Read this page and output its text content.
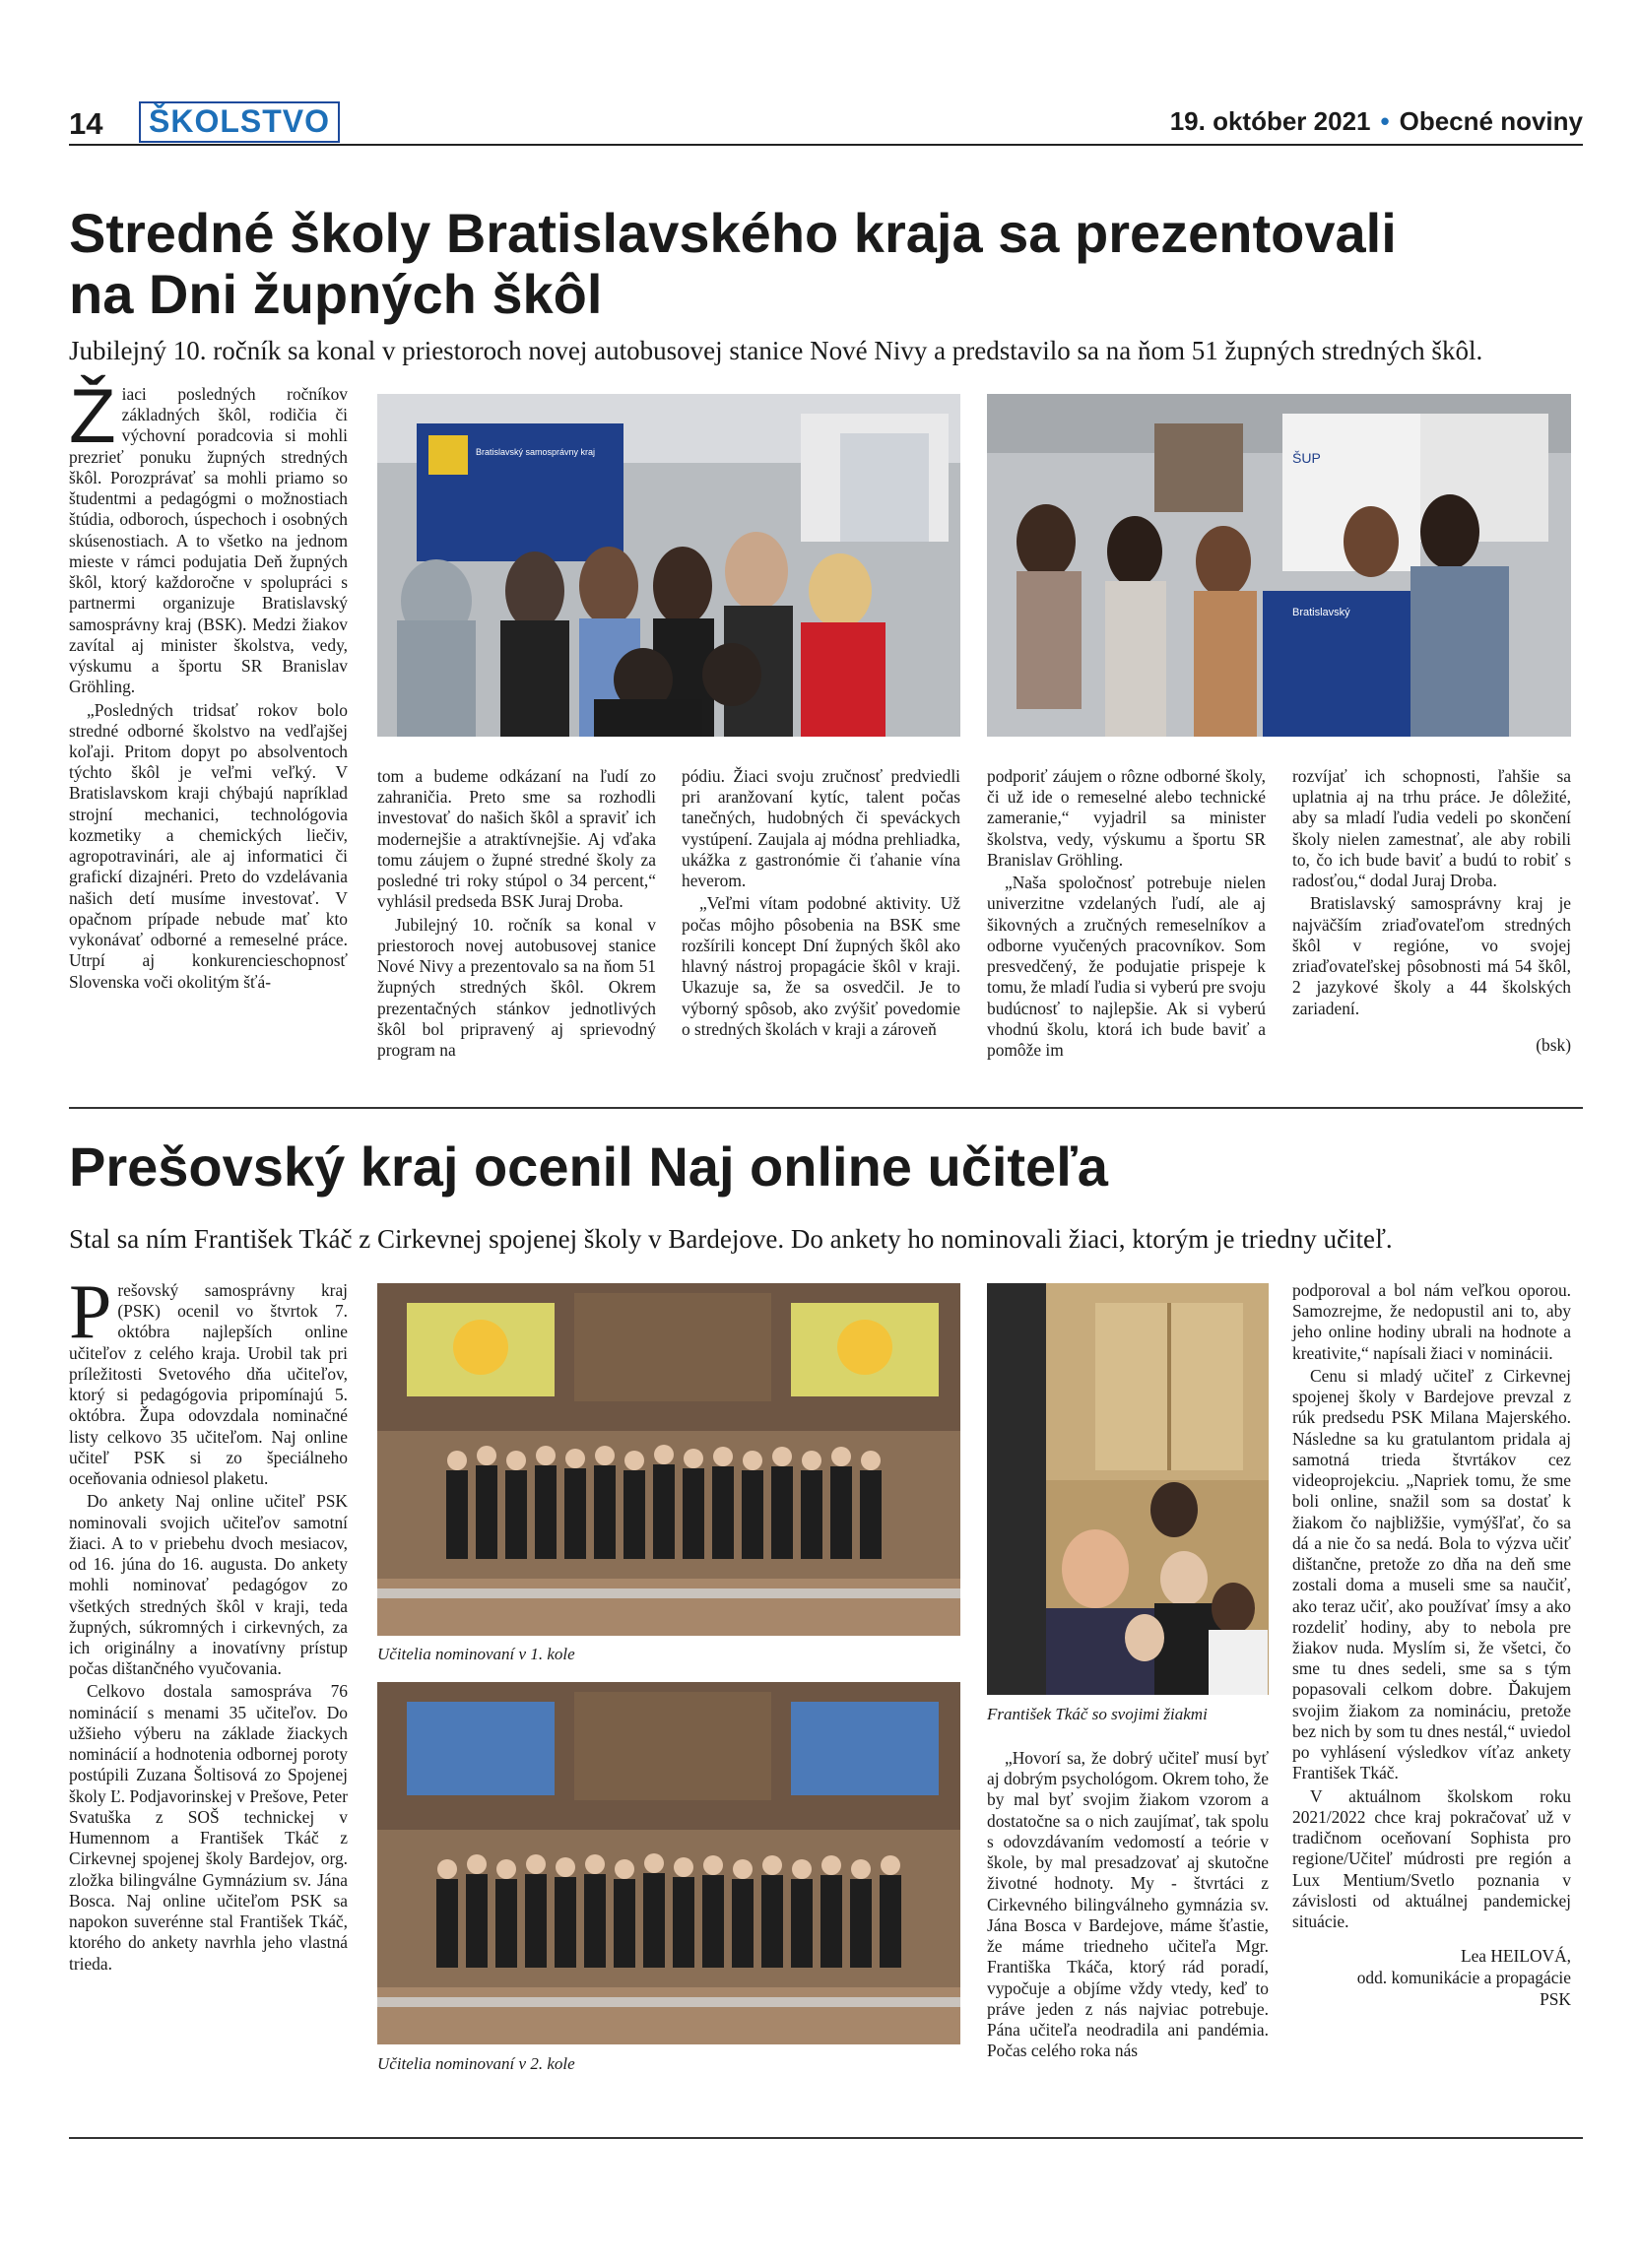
14	ŠKOLSTVO	19. október 2021 • Obecné noviny
Stredné školy Bratislavského kraja sa prezentovali
na Dni župných škôl
Jubilejný 10. ročník sa konal v priestoroch novej autobusovej stanice Nové Nivy a predstavilo sa na ňom 51 župných stredných škôl.
Bratislavský samosprávny kraj	ŠUP
Bratislavský

Žiaci posledných ročníkov základných škôl, rodičia či výchovní poradcovia si mohli prezrieť ponuku župných stredných škôl. Porozprávať sa mohli priamo so študentmi a pedagógmi o možnostiach štúdia, odboroch, úspechoch i osobných skúsenostiach. A to všetko na jednom mieste v rámci podujatia Deň župných škôl, ktorý každoročne v spolupráci s partnermi organizuje Bratislavský samosprávny kraj (BSK). Medzi žiakov zavítal aj minister školstva, vedy, výskumu a športu SR Branislav Gröhling.

„Posledných tridsať rokov bolo stredné odborné školstvo na vedľajšej koľaji. Pritom dopyt po absolventoch týchto škôl je veľmi veľký. V Bratislavskom kraji chýbajú napríklad strojní mechanici, technológovia kozmetiky a chemických liečiv, agropotravinári, ale aj informatici či grafickí dizajnéri. Preto do vzdelávania našich detí musíme investovať. V opačnom prípade nebude mať kto vykonávať odborné a remeselné práce. Utrpí aj konkurencieschopnosť Slovenska voči okolitým šťá-

tom a budeme odkázaní na ľudí zo zahraničia. Preto sme sa rozhodli investovať do našich škôl a spraviť ich modernejšie a atraktívnejšie. Aj vďaka tomu záujem o župné stredné školy za posledné tri roky stúpol o 34 percent,“ vyhlásil predseda BSK Juraj Droba.

Jubilejný 10. ročník sa konal v priestoroch novej autobusovej stanice Nové Nivy a prezentovalo sa na ňom 51 župných stredných škôl. Okrem prezentačných stánkov jednotlivých škôl bol pripravený aj sprievodný program na

pódiu. Žiaci svoju zručnosť predviedli pri aranžovaní kytíc, talent počas tanečných, hudobných či speváckych vystúpení. Zaujala aj módna prehliadka, ukážka z gastronómie či ťahanie vína heverom.

„Veľmi vítam podobné aktivity. Už počas môjho pôsobenia na BSK sme rozšírili koncept Dní župných škôl ako hlavný nástroj propagácie škôl v kraji. Ukazuje sa, že sa osvedčil. Je to výborný spôsob, ako zvýšiť povedomie o stredných školách v kraji a zároveň

podporiť záujem o rôzne odborné školy, či už ide o remeselné alebo technické zameranie,“ vyjadril sa minister školstva, vedy, výskumu a športu SR Branislav Gröhling.

„Naša spoločnosť potrebuje nielen univerzitne vzdelaných ľudí, ale aj šikovných a zručných remeselníkov a odborne vyučených pracovníkov. Som presvedčený, že podujatie prispeje k tomu, že mladí ľudia si vyberú pre svoju budúcnosť to najlepšie. Ak si vyberú vhodnú školu, ktorá ich bude baviť a pomôže im

rozvíjať ich schopnosti, ľahšie sa uplatnia aj na trhu práce. Je dôležité, aby sa mladí ľudia vedeli po skončení školy nielen zamestnať, ale aby robili to, čo ich bude baviť a budú to robiť s radosťou,“ dodal Juraj Droba.

Bratislavský samosprávny kraj je najväčším zriaďovateľom stredných škôl v regióne, vo svojej zriaďovateľskej pôsobnosti má 54 škôl, 2 jazykové školy a 44 školských zariadení.

(bsk)
Prešovský kraj ocenil Naj online učiteľa
Stal sa ním František Tkáč z Cirkevnej spojenej školy v Bardejove. Do ankety ho nominovali žiaci, ktorým je triedny učiteľ.

Prešovský samosprávny kraj (PSK) ocenil vo štvrtok 7. októbra najlepších online učiteľov z celého kraja. Urobil tak pri príležitosti Svetového dňa učiteľov, ktorý si pedagógovia pripomínajú 5. októbra. Župa odovzdala nominačné listy celkovo 35 učiteľom. Naj online učiteľ PSK si zo špeciálneho oceňovania odniesol plaketu.

Do ankety Naj online učiteľ PSK nominovali svojich učiteľov samotní žiaci. A to v priebehu dvoch mesiacov, od 16. júna do 16. augusta. Do ankety mohli nominovať pedagógov zo všetkých stredných škôl v kraji, teda župných, súkromných i cirkevných, za ich originálny a inovatívny prístup počas dištančného vyučovania.

Celkovo dostala samospráva 76 nominácií s menami 35 učiteľov. Do užšieho výberu na základe žiackych nominácií a hodnotenia odbornej poroty postúpili Zuzana Šoltisová zo Spojenej školy Ľ. Podjavorinskej v Prešove, Peter Svatuška z SOŠ technickej v Humennom a František Tkáč z Cirkevnej spojenej školy Bardejov, org. zložka bilingválne Gymnázium sv. Jána Bosca. Naj online učiteľom PSK sa napokon suverénne stal František Tkáč, ktorého do ankety navrhla jeho vlastná trieda.

Učitelia nominovaní v 1. kole
Učitelia nominovaní v 2. kole
František Tkáč so svojimi žiakmi

„Hovorí sa, že dobrý učiteľ musí byť aj dobrým psychológom. Okrem toho, že by mal byť svojim žiakom vzorom a dostatočne sa o nich zaujímať, tak spolu s odovzdávaním vedomostí a teórie v škole, by mal presadzovať aj skutočne životné hodnoty. My - štvrtáci z Cirkevného bilingválneho gymnázia sv. Jána Bosca v Bardejove, máme šťastie, že máme triedneho učiteľa Mgr. Františka Tkáča, ktorý rád poradí, vypočuje a objíme vždy vtedy, keď to práve jeden z nás najviac potrebuje. Pána učiteľa neodradila ani pandémia. Počas celého roka nás

podporoval a bol nám veľkou oporou. Samozrejme, že nedopustil ani to, aby jeho online hodiny ubrali na hodnote a kreativite,“ napísali žiaci v nominácii.

Cenu si mladý učiteľ z Cirkevnej spojenej školy v Bardejove prevzal z rúk predsedu PSK Milana Majerského. Následne sa ku gratulantom pridala aj samotná trieda štvrtákov cez videoprojekciu. „Napriek tomu, že sme boli online, snažil som sa dostať k žiakom čo najbližšie, vymýšľať, čo sa dá a nie čo sa nedá. Bola to výzva učiť dištančne, pretože zo dňa na deň sme zostali doma a museli sme sa naučiť, ako teraz učiť, ako používať ímsy a ako rozdeliť hodiny, aby to nebola pre žiakov nuda. Myslím si, že všetci, čo sme tu dnes sedeli, sme sa s tým popasovali celkom dobre. Ďakujem svojim žiakom za nomináciu, pretože bez nich by som tu dnes nestál,“ uviedol po vyhlásení výsledkov víťaz ankety František Tkáč.

V aktuálnom školskom roku 2021/2022 chce kraj pokračovať už v tradičnom oceňovaní Sophista pro regione/Učiteľ múdrosti pre región a Lux Mentium/Svetlo poznania v závislosti od aktuálnej pandemickej situácie.

Lea HEILOVÁ,
odd. komunikácie a propagácie
PSK
